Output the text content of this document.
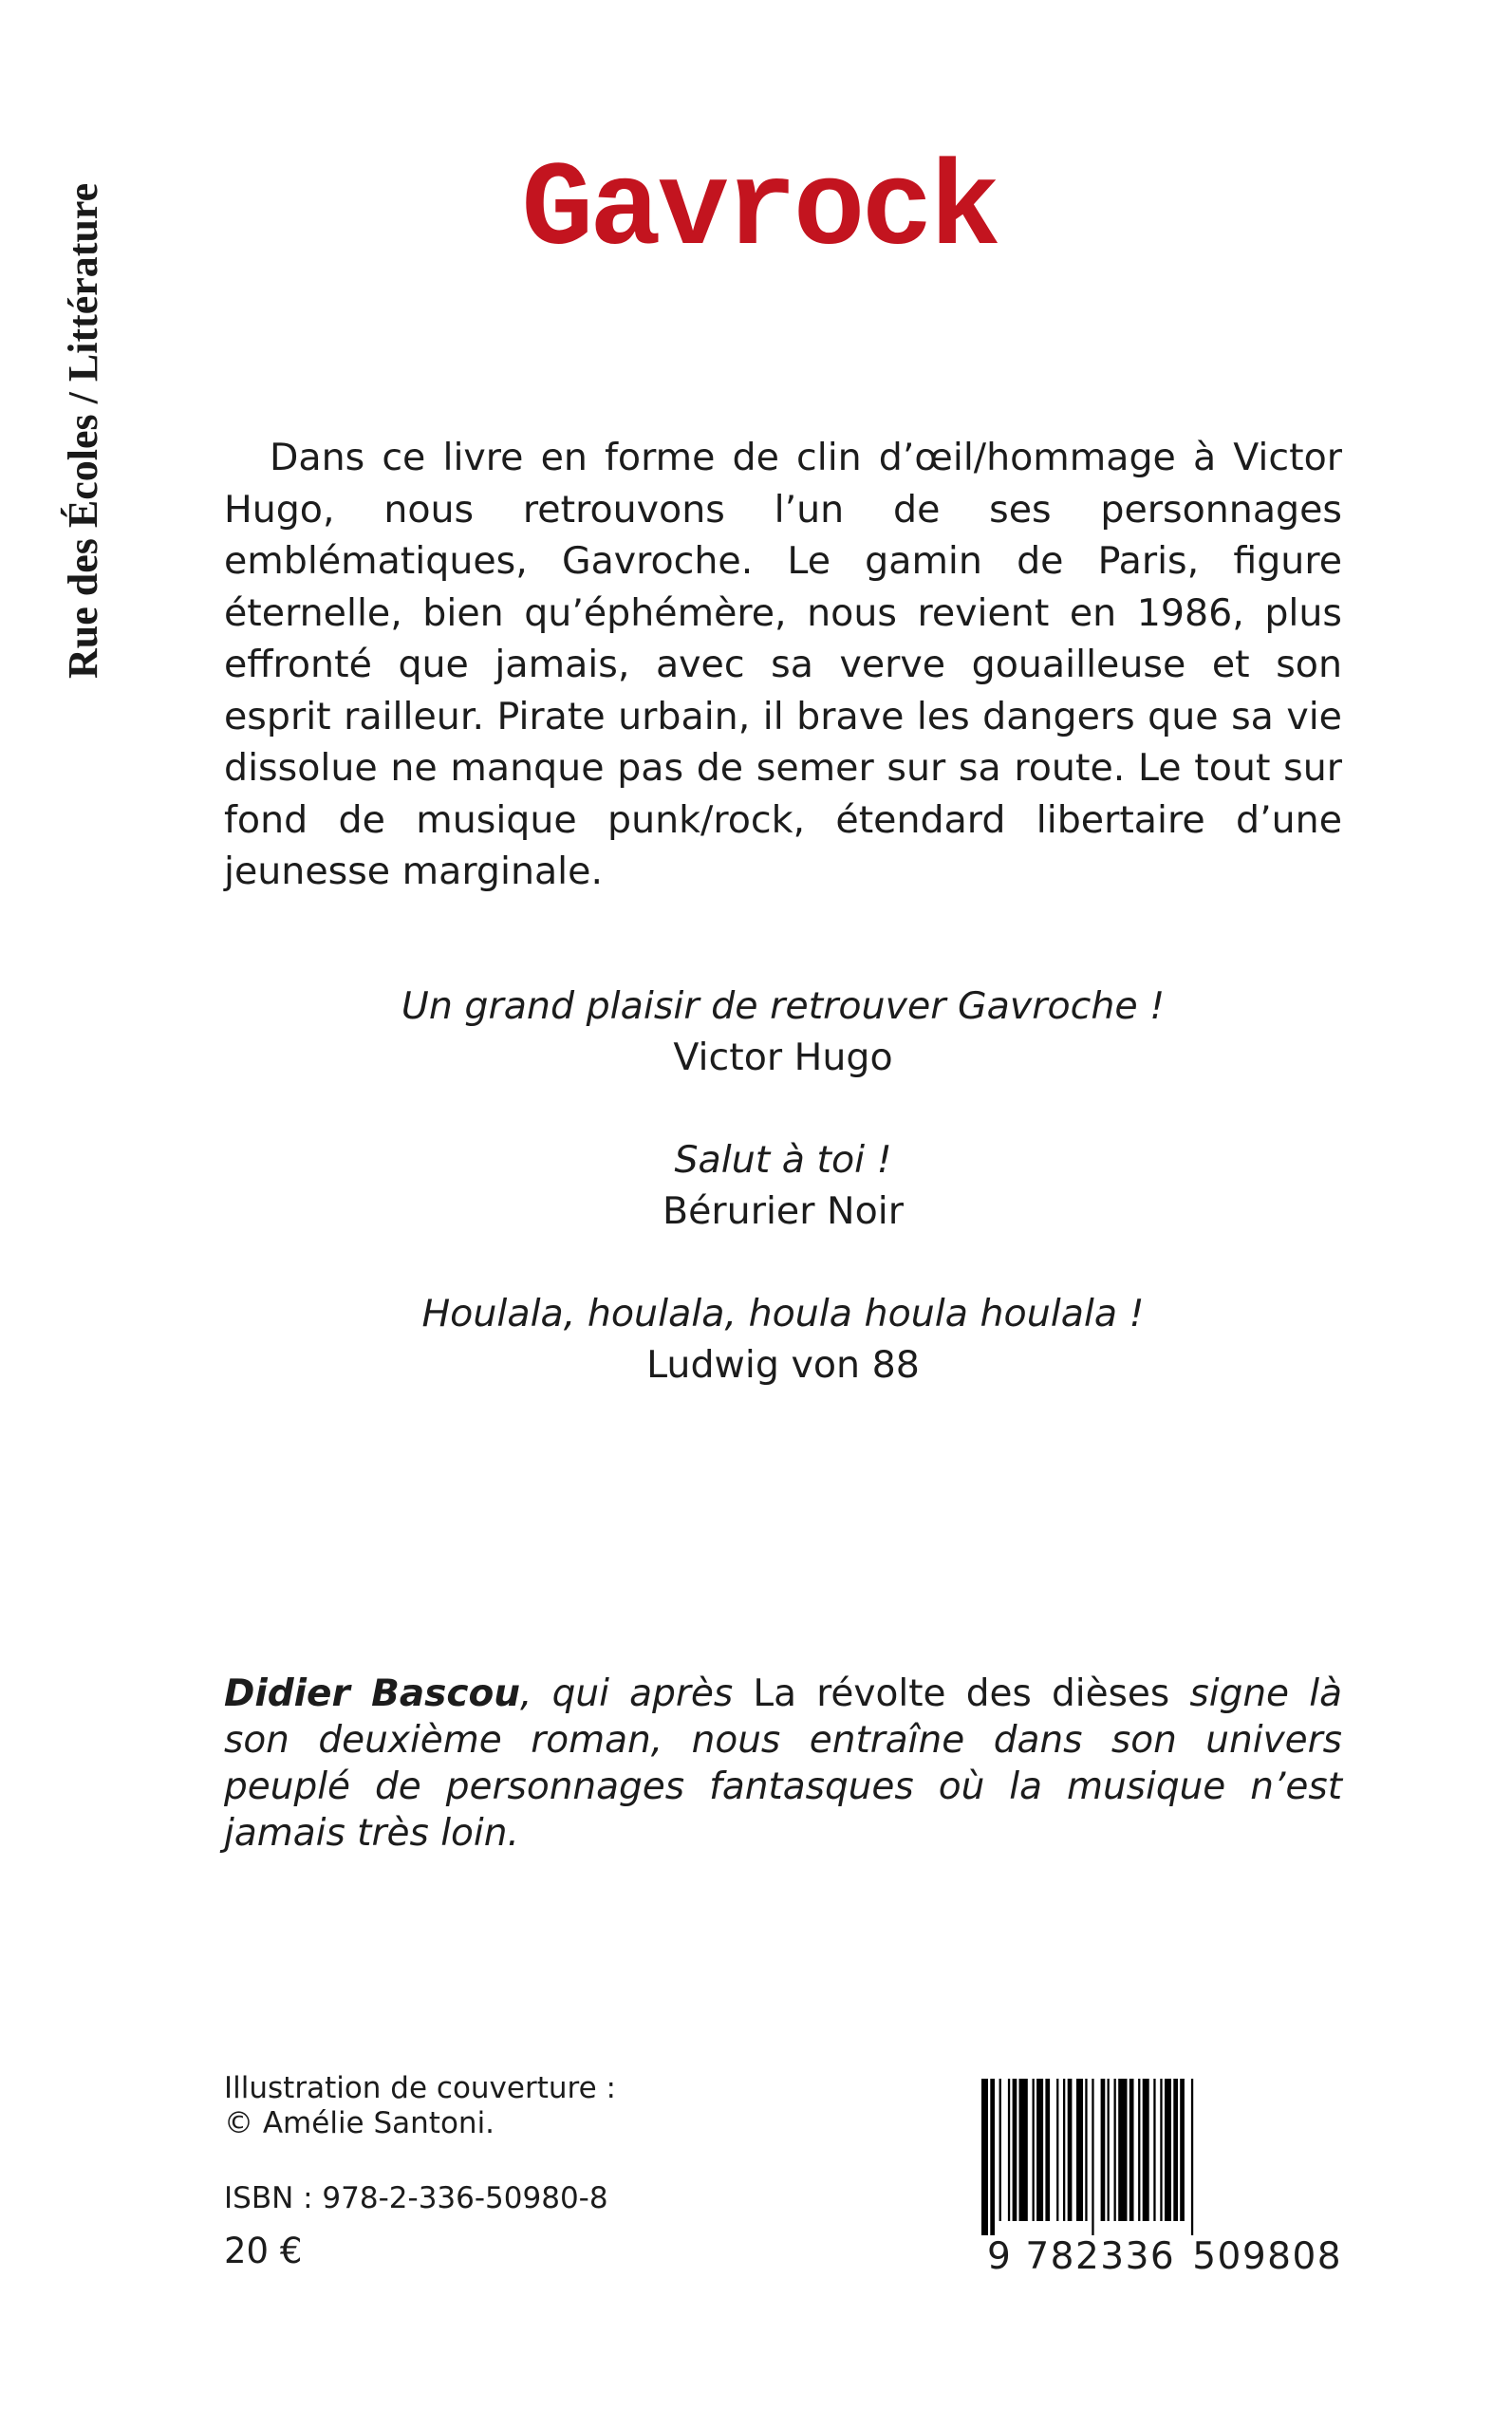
Rue des Écoles / Littérature	Gavrock

Dans ce livre en forme de clin d’œil/hommage à Victor Hugo, nous retrouvons l’un de ses personnages emblématiques, Gavroche. Le gamin de Paris, figure éternelle, bien qu’éphémère, nous revient en 1986, plus effronté que jamais, avec sa verve gouailleuse et son esprit railleur. Pirate urbain, il brave les dangers que sa vie dissolue ne manque pas de semer sur sa route. Le tout sur fond de musique punk/rock, étendard libertaire d’une jeunesse marginale.

Un grand plaisir de retrouver Gavroche !
Victor Hugo
Salut à toi !
Bérurier Noir
Houlala, houlala, houla houla houlala !
Ludwig von 88

Didier Bascou, qui après La révolte des dièses signe là son deuxième roman, nous entraîne dans son univers peuplé de personnages fantasques où la musique n’est jamais très loin.

Illustration de couverture :
© Amélie Santoni.
ISBN : 978-2-336-50980-8
20 €	9 782336 509808
